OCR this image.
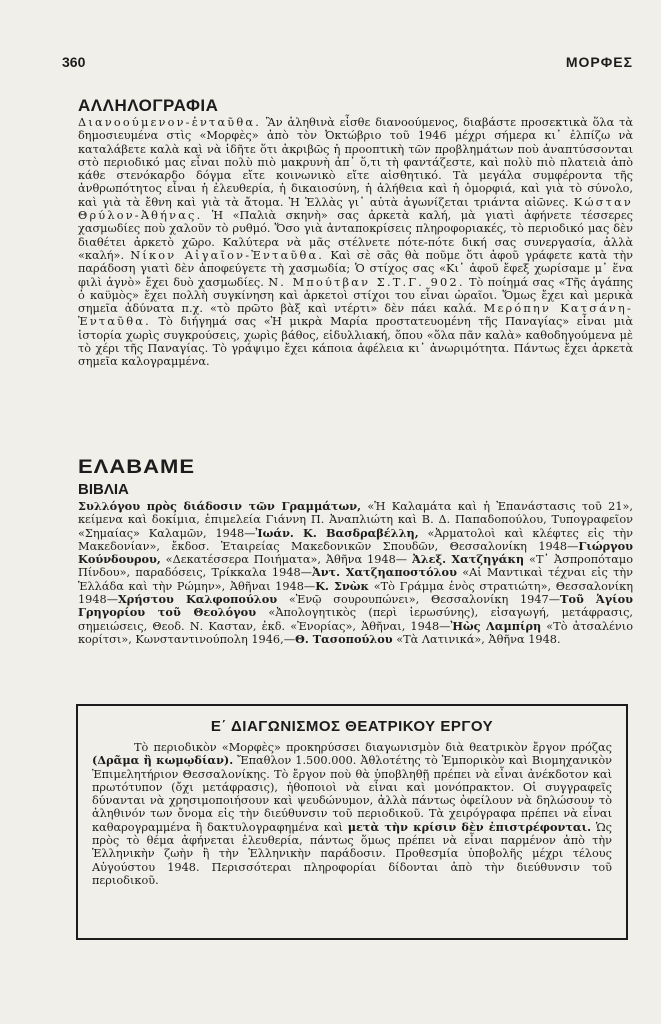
360	ΜΟΡΦΕΣ
ΑΛΛΗΛΟΓΡΑΦΙΑ

Διανοούμενον-ἐνταῦθα. Ἂν ἀληθινὰ εἶσθε διανοούμενος, διαβάστε προσεκτικὰ ὅλα τὰ δημοσιευμένα στὶς «Μορφὲς» ἀπὸ τὸν Ὀκτώβριο τοῦ 1946 μέχρι σήμερα κι᾿ ἐλπίζω νὰ καταλάβετε καλὰ καὶ νὰ ἰδῆτε ὅτι ἀκριβῶς ἡ προοπτικὴ τῶν προβλημάτων ποὺ ἀναπτύσσονται στὸ περιοδικό μας εἶναι πολὺ πιὸ μακρυνὴ ἀπ᾿ ὅ,τι τὴ φαντάζεστε, καὶ πολὺ πιὸ πλατειὰ ἀπὸ κάθε στενόκαρδο δόγμα εἴτε κοινωνικὸ εἴτε αἰσθητικό. Τὰ μεγάλα συμφέροντα τῆς ἀνθρωπότητος εἶναι ἡ ἐλευθερία, ἡ δικαιοσύνη, ἡ ἀλήθεια καὶ ἡ ὀμορφιά, καὶ γιὰ τὸ σύνολο, καὶ γιὰ τὰ ἔθνη καὶ γιὰ τὰ ἄτομα. Ἡ Ἑλλὰς γι᾿ αὐτὰ ἀγωνίζεται τριάντα αἰῶνες. Κώσταν Θρύλον-Ἀθήνας. Ἡ «Παλιὰ σκηνὴ» σας ἀρκετὰ καλή, μὰ γιατὶ ἀφήνετε τέσσερες χασμωδίες ποὺ χαλοῦν τὸ ρυθμό. Ὅσο γιὰ ἀνταποκρίσεις πληροφοριακές, τὸ περιοδικό μας δὲν διαθέτει ἀρκετὸ χῶρο. Καλύτερα νὰ μᾶς στέλνετε πότε-πότε δική σας συνεργασία, ἀλλὰ «καλή». Νίκον Αἰγαῖον-Ἐνταῦθα. Καὶ σὲ σᾶς θὰ ποῦμε ὅτι ἀφοῦ γράφετε κατὰ τὴν παράδοση γιατὶ δὲν ἀποφεύγετε τὴ χασμωδία; Ὁ στίχος σας «Κι᾿ ἀφοῦ ἔφεξ χωρίσαμε μ᾿ ἕνα φιλὶ ἁγνὸ» ἔχει δυὸ χασμωδίες. Ν. Μπούτβαν Σ.Τ.Γ. 902. Τὸ ποίημά σας «Τῆς ἀγάπης ὁ καϋμὸς» ἔχει πολλὴ συγκίνηση καὶ ἀρκετοὶ στίχοι του εἶναι ὡραῖοι. Ὅμως ἔχει καὶ μερικὰ σημεῖα ἀδύνατα π.χ. «τὸ πρῶτο βὰξ καὶ ντέρτι» δὲν πάει καλά. Μερόπην Κατσάνη-Ἐνταῦθα. Τὸ διήγημά σας «Ἡ μικρὰ Μαρία προστατευομένη τῆς Παναγίας» εἶναι μιὰ ἱστορία χωρὶς συγκρούσεις, χωρὶς βάθος, εἰδυλλιακή, ὅπου «ὅλα πᾶν καλὰ» καθοδηγούμενα μὲ τὸ χέρι τῆς Παναγίας. Τὸ γράψιμο ἔχει κάποια ἀφέλεια κι᾿ ἀνωριμότητα. Πάντως ἔχει ἀρκετὰ σημεῖα καλογραμμένα.

ΕΛΑΒΑΜΕ
ΒΙΒΛΙΑ

Συλλόγου πρὸς διάδοσιν τῶν Γραμμάτων, «Ἡ Καλαμάτα καὶ ἡ Ἐπανάστασις τοῦ 21», κείμενα καὶ δοκίμια, ἐπιμελεία Γιάννη Π. Ἀναπλιώτη καὶ Β. Δ. Παπαδοπούλου, Τυπογραφεῖον «Σημαίας» Καλαμῶν, 1948—Ἰωάν. Κ. Βασδραβέλλη, «Ἀρματολοὶ καὶ κλέφτες εἰς τὴν Μακεδονίαν», ἔκδοσ. Ἑταιρείας Μακεδονικῶν Σπουδῶν, Θεσσαλονίκη 1948—Γιώργου Κούνδουρου, «Δεκατέσσερα Ποιήματα», Ἀθῆνα 1948— Ἀλεξ. Χατζηγάκη «Τ᾿ Ἀσπροπόταμο Πίνδου», παραδόσεις, Τρίκκαλα 1948—Ἀντ. Χατζηαποστόλου «Αἱ Μαντικαὶ τέχναι εἰς τὴν Ἑλλάδα καὶ τὴν Ρώμην», Ἀθῆναι 1948—Κ. Σνὼκ «Τὸ Γράμμα ἑνὸς στρατιώτη», Θεσσαλονίκη 1948—Χρήστου Καλφοπούλου «Ἐνῷ σουρουπώνει», Θεσσαλονίκη 1947—Τοῦ Ἁγίου Γρηγορίου τοῦ Θεολόγου «Ἀπολογητικὸς (περὶ ἱερωσύνης), εἰσαγωγή, μετάφρασις, σημειώσεις, Θεοδ. Ν. Κασταν, ἐκδ. «Ἐνορίας», Ἀθῆναι, 1948—Ἠὼς Λαμπίρη «Τὸ ἀτσαλένιο κορίτσι», Κωνσταντινούπολη 1946,—Θ. Τασοπούλου «Τὰ Λατινικά», Ἀθῆνα 1948.

Ε΄ ΔΙΑΓΩΝΙΣΜΟΣ ΘΕΑΤΡΙΚΟΥ ΕΡΓΟΥ

Τὸ περιοδικὸν «Μορφὲς» προκηρύσσει διαγωνισμὸν διὰ θεατρικὸν ἔργον πρόζας (Δρᾶμα ἢ κωμῳδίαν). Ἔπαθλον 1.500.000. Ἀθλοτέτης τὸ Ἐμπορικὸν καὶ Βιομηχανικὸν Ἐπιμελητήριον Θεσσαλονίκης. Τὸ ἔργον ποὺ θὰ ὑποβληθῇ πρέπει νὰ εἶναι ἀνέκδοτον καὶ πρωτότυπον (ὄχι μετάφρασις), ἠθοποιοὶ νὰ εἶναι καὶ μονόπρακτον. Οἱ συγγραφεῖς δύνανται νὰ χρησιμοποιήσουν καὶ ψευδώνυμον, ἀλλὰ πάντως ὀφείλουν νὰ δηλώσουν τὸ ἀληθινόν των ὄνομα εἰς τὴν διεύθυνσιν τοῦ περιοδικοῦ. Τὰ χειρόγραφα πρέπει νὰ εἶναι καθαρογραμμένα ἢ δακτυλογραφημένα καὶ μετὰ τὴν κρίσιν δὲν ἐπιστρέφονται. Ὡς πρὸς τὸ θέμα ἀφήνεται ἐλευθερία, πάντως ὅμως πρέπει νὰ εἶναι παρμένον ἀπὸ τὴν Ἑλληνικὴν ζωὴν ἢ τὴν Ἑλληνικὴν παράδοσιν. Προθεσμία ὑποβολῆς μέχρι τέλους Αὐγούστου 1948. Περισσότεραι πληροφορίαι δίδονται ἀπὸ τὴν διεύθυνσιν τοῦ περιοδικοῦ.
